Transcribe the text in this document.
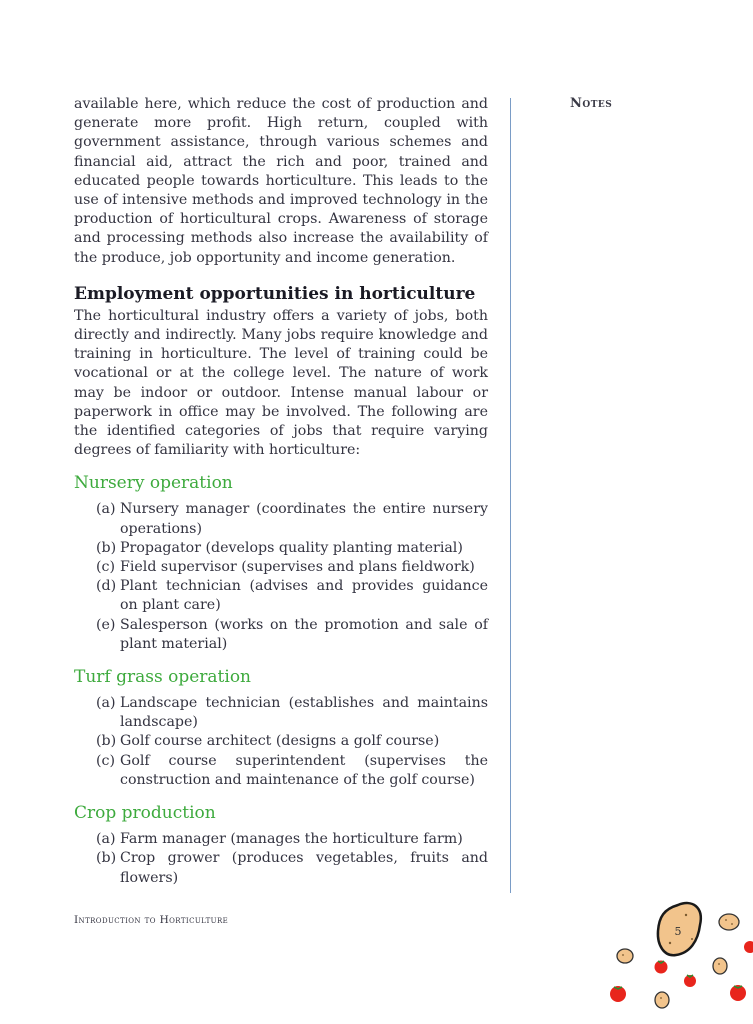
available here, which reduce the cost of production and generate more profit. High return, coupled with government assistance, through various schemes and financial aid, attract the rich and poor, trained and educated people towards horticulture. This leads to the use of intensive methods and improved technology in the production of horticultural crops. Awareness of storage and processing methods also increase the availability of the produce, job opportunity and income generation.

Employment opportunities in horticulture

The horticultural industry offers a variety of jobs, both directly and indirectly. Many jobs require knowledge and training in horticulture. The level of training could be vocational or at the college level. The nature of work may be indoor or outdoor. Intense manual labour or paperwork in office may be involved. The following are the identified categories of jobs that require varying degrees of familiarity with horticulture:

Nursery operation
(a) Nursery manager (coordinates the entire nursery operations)
(b) Propagator (develops quality planting material)
(c) Field supervisor (supervises and plans fieldwork)
(d) Plant technician (advises and provides guidance on plant care)
(e) Salesperson (works on the promotion and sale of plant material)
Turf grass operation
(a) Landscape technician (establishes and maintains landscape)
(b) Golf course architect (designs a golf course)
(c) Golf course superintendent (supervises the construction and maintenance of the golf course)
Crop production
(a) Farm manager (manages the horticulture farm)
(b) Crop grower (produces vegetables, fruits and flowers)
Notes
Introduction to Horticulture
5
